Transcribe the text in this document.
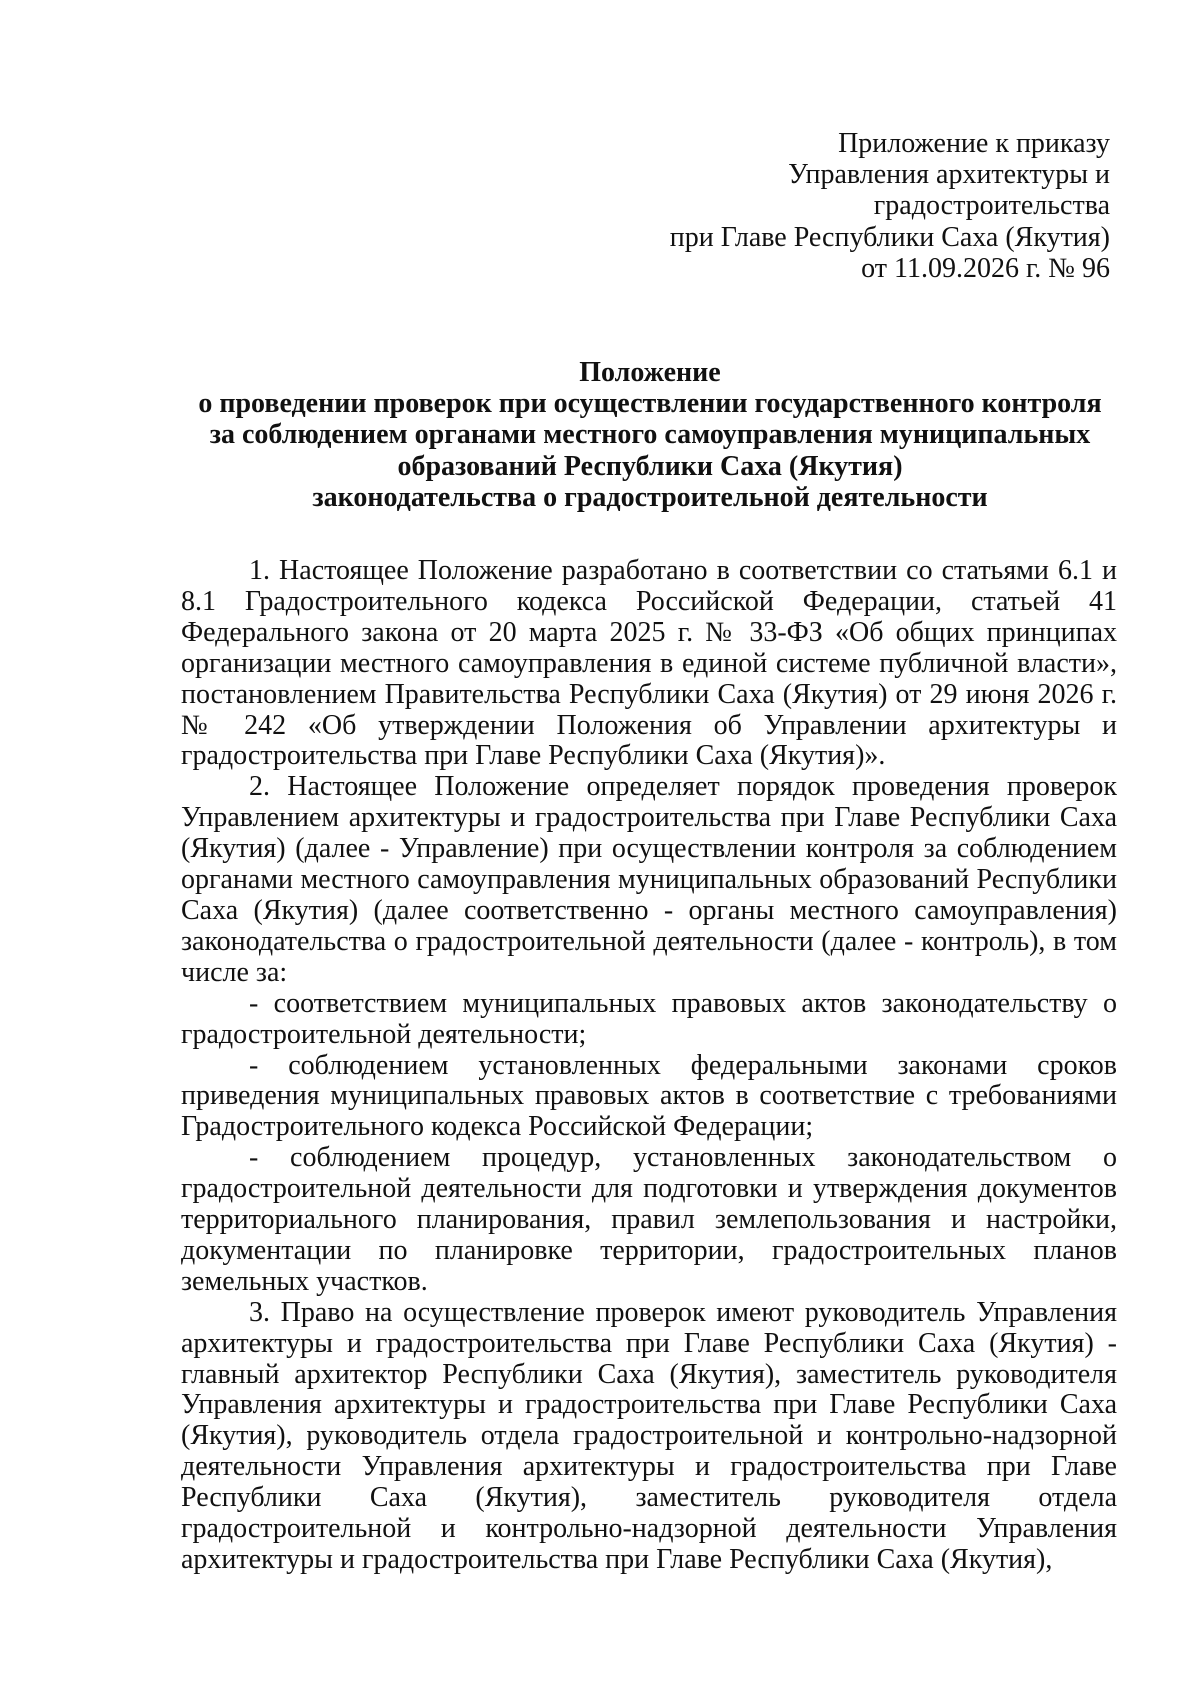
Приложение к приказу
Управления архитектуры и
градостроительства
при Главе Республики Саха (Якутия)
от 11.09.2026 г. № 96
Положение
о проведении проверок при осуществлении государственного контроля
за соблюдением органами местного самоуправления муниципальных
образований Республики Саха (Якутия)
законодательства о градостроительной деятельности

1. Настоящее Положение разработано в соответствии со статьями 6.1 и 8.1 Градостроительного кодекса Российской Федерации, статьей 41 Федерального закона от 20 марта 2025 г. № 33-ФЗ «Об общих принципах организации местного самоуправления в единой системе публичной власти», постановлением Правительства Республики Саха (Якутия) от 29 июня 2026 г. № 242 «Об утверждении Положения об Управлении архитектуры и градостроительства при Главе Республики Саха (Якутия)».

2. Настоящее Положение определяет порядок проведения проверок Управлением архитектуры и градостроительства при Главе Республики Саха (Якутия) (далее - Управление) при осуществлении контроля за соблюдением органами местного самоуправления муниципальных образований Республики Саха (Якутия) (далее соответственно - органы местного самоуправления) законодательства о градостроительной деятельности (далее - контроль), в том числе за:

- соответствием муниципальных правовых актов законодательству о градостроительной деятельности;

- соблюдением установленных федеральными законами сроков приведения муниципальных правовых актов в соответствие с требованиями Градостроительного кодекса Российской Федерации;

- соблюдением процедур, установленных законодательством о градостроительной деятельности для подготовки и утверждения документов территориального планирования, правил землепользования и настройки, документации по планировке территории, градостроительных планов земельных участков.

3. Право на осуществление проверок имеют руководитель Управления архитектуры и градостроительства при Главе Республики Саха (Якутия) - главный архитектор Республики Саха (Якутия), заместитель руководителя Управления архитектуры и градостроительства при Главе Республики Саха (Якутия), руководитель отдела градостроительной и контрольно-надзорной деятельности Управления архитектуры и градостроительства при Главе Республики Саха (Якутия), заместитель руководителя отдела градостроительной и контрольно-надзорной деятельности Управления архитектуры и градостроительства при Главе Республики Саха (Якутия),
